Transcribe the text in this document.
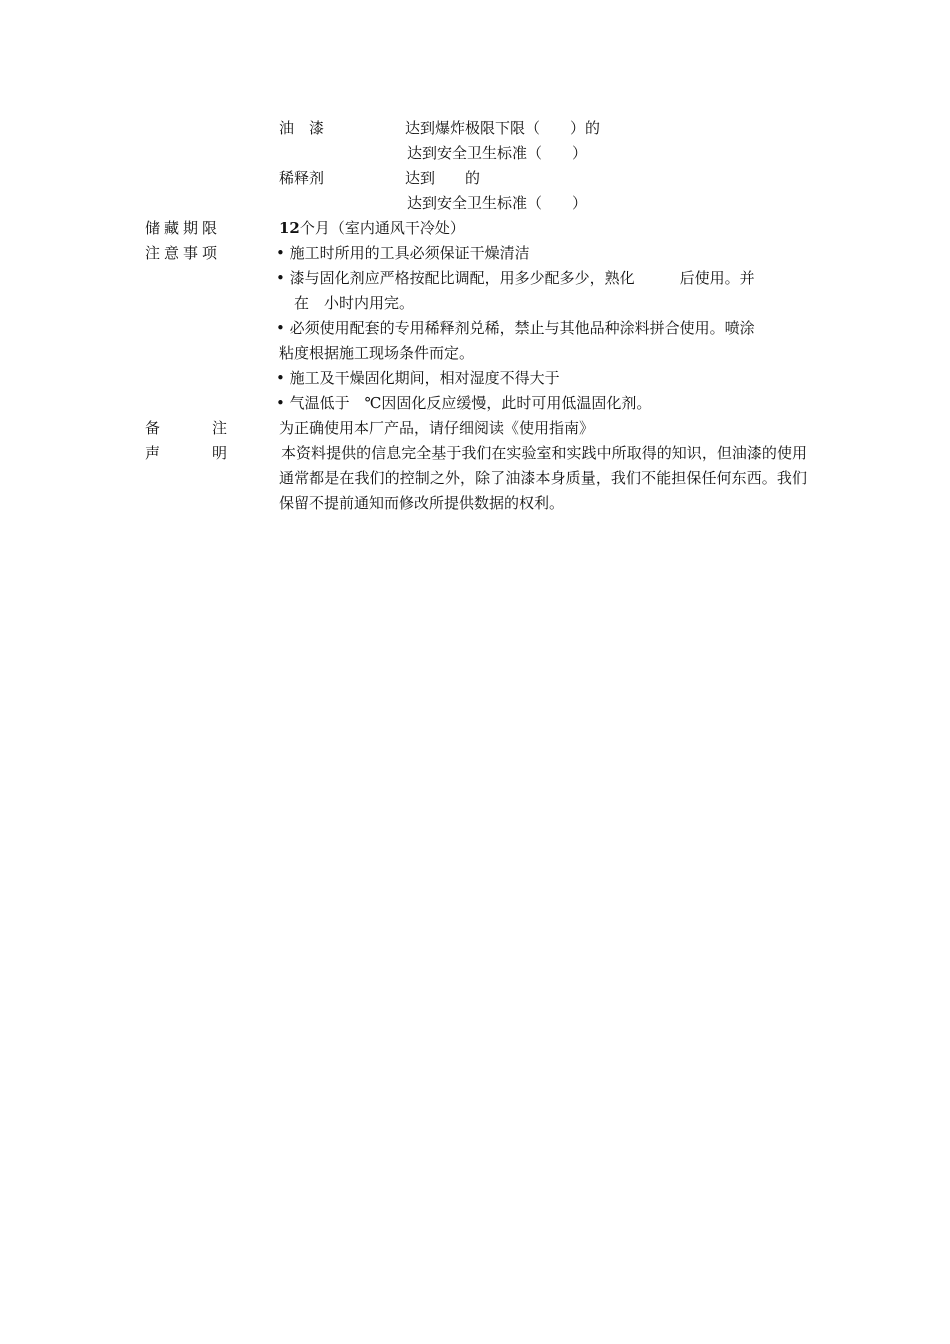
油　漆	达到爆炸极限下限（　　）的
达到安全卫生标准（　　）
稀释剂	达到　　的
达到安全卫生标准（　　）
储藏期限	12个月（室内通风干冷处）
注意事项	• 施工时所用的工具必须保证干燥清洁
• 漆与固化剂应严格按配比调配，用多少配多少，熟化　　　后使用。并
　在　小时内用完。
• 必须使用配套的专用稀释剂兑稀，禁止与其他品种涂料拼合使用。喷涂
粘度根据施工现场条件而定。
• 施工及干燥固化期间，相对湿度不得大于
• 气温低于　℃因固化反应缓慢，此时可用低温固化剂。
备	注	为正确使用本厂产品，请仔细阅读《使用指南》
声	明	本资料提供的信息完全基于我们在实验室和实践中所取得的知识，但油漆的使用通常都是在我们的控制之外，除了油漆本身质量，我们不能担保任何东西。我们保留不提前通知而修改所提供数据的权利。
